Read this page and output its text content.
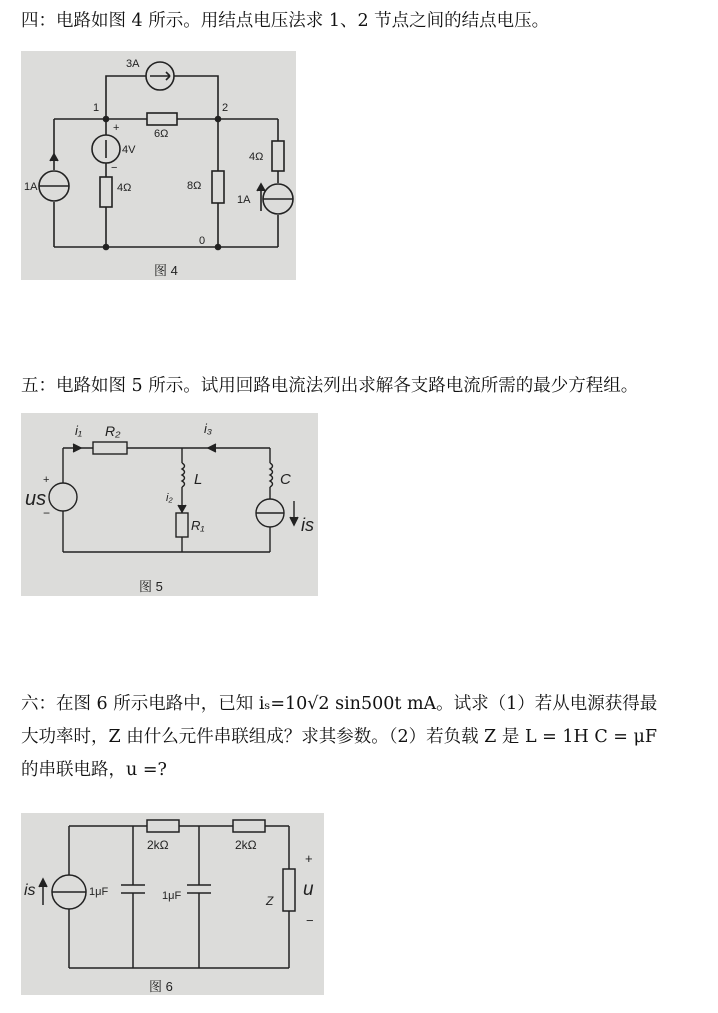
四：电路如图 4 所示。用结点电压法求 1、2 节点之间的结点电压。
3A
1	2
6Ω
+
4V
−
4Ω	8Ω
4Ω
1A
1A
0
图 4
五：电路如图 5 所示。试用回路电流法列出求解各支路电流所需的最少方程组。
i₁ R₂	i₃
L	C
i₂
R₁
+
us
−
is
图 5
六：在图 6 所示电路中，已知 iₛ=10√2 sin500t mA。试求（1）若从电源获得最
大功率时，Z 由什么元件串联组成？求其参数。（2）若负载 Z 是 L = 1H C = μF
的串联电路，u =?
is	1μF
2kΩ
1μF
2kΩ
Z
+
u
−
图 6
